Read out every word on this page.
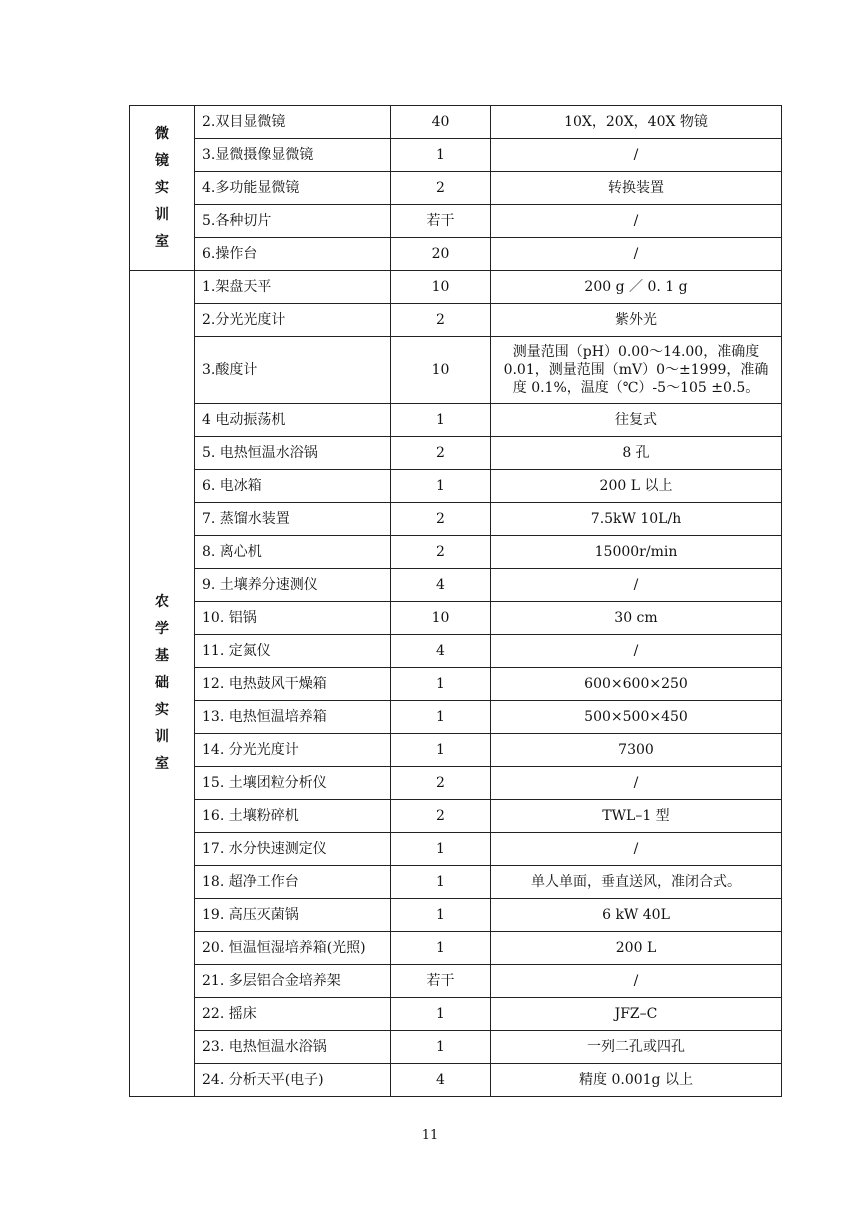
微镜实训室	2.双目显微镜	40	10X，20X，40X 物镜
	3.显微摄像显微镜	1	/
	4.多功能显微镜	2	转换装置
	5.各种切片	若干	/
	6.操作台	20	/
农学基础实训室	1.架盘天平	10	200 g ／ 0. 1 g
	2.分光光度计	2	紫外光
	3.酸度计	10	测量范围（pH）0.00～14.00，准确度 0.01，测量范围（mV）0～±1999，准确度 0.1%，温度（℃）-5～105 ±0.5。
	4 电动振荡机	1	往复式
	5. 电热恒温水浴锅	2	8 孔
	6. 电冰箱	1	200 L 以上
	7. 蒸馏水装置	2	7.5kW 10L/h
	8. 离心机	2	15000r/min
	9. 土壤养分速测仪	4	/
	10. 铝锅	10	30 cm
	11. 定氮仪	4	/
	12. 电热鼓风干燥箱	1	600×600×250
	13. 电热恒温培养箱	1	500×500×450
	14. 分光光度计	1	7300
	15. 土壤团粒分析仪	2	/
	16. 土壤粉碎机	2	TWL–1 型
	17. 水分快速测定仪	1	/
	18. 超净工作台	1	单人单面，垂直送风，准闭合式。
	19. 高压灭菌锅	1	6 kW 40L
	20. 恒温恒湿培养箱(光照)	1	200 L
	21. 多层铝合金培养架	若干	/
	22. 摇床	1	JFZ–C
	23. 电热恒温水浴锅	1	一列二孔或四孔
	24. 分析天平(电子)	4	精度 0.001g 以上
11
